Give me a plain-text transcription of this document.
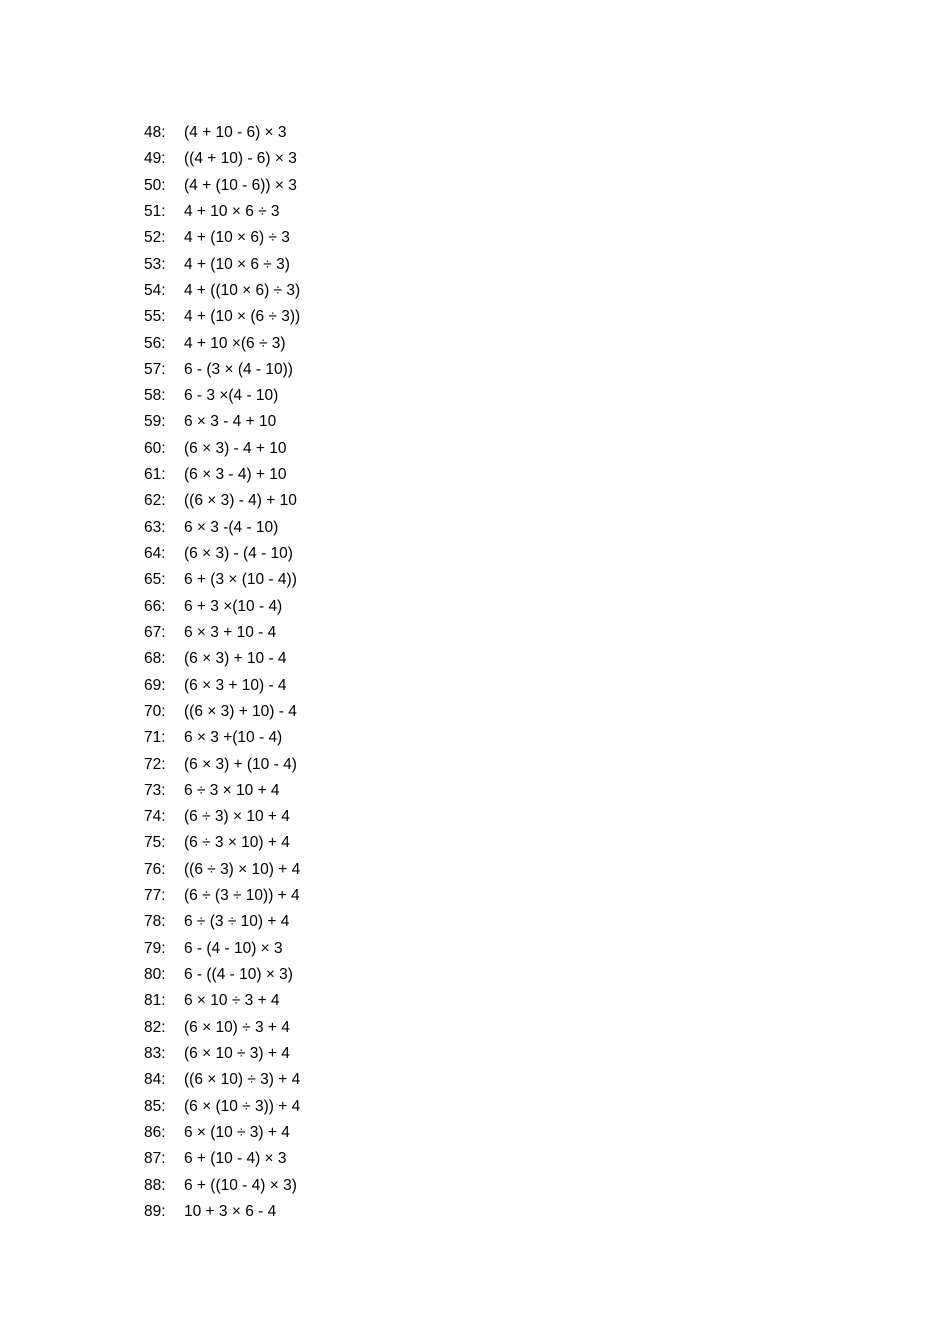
48:	(4 + 10 - 6) × 3
49:	((4 + 10) - 6) × 3
50:	(4 + (10 - 6)) × 3
51:	4 + 10 × 6 ÷ 3
52:	4 + (10 × 6) ÷ 3
53:	4 + (10 × 6 ÷ 3)
54:	4 + ((10 × 6) ÷ 3)
55:	4 + (10 × (6 ÷ 3))
56:	4 + 10 ×(6 ÷ 3)
57:	6 - (3 × (4 - 10))
58:	6 - 3 ×(4 - 10)
59:	6 × 3 - 4 + 10
60:	(6 × 3) - 4 + 10
61:	(6 × 3 - 4) + 10
62:	((6 × 3) - 4) + 10
63:	6 × 3 -(4 - 10)
64:	(6 × 3) - (4 - 10)
65:	6 + (3 × (10 - 4))
66:	6 + 3 ×(10 - 4)
67:	6 × 3 + 10 - 4
68:	(6 × 3) + 10 - 4
69:	(6 × 3 + 10) - 4
70:	((6 × 3) + 10) - 4
71:	6 × 3 +(10 - 4)
72:	(6 × 3) + (10 - 4)
73:	6 ÷ 3 × 10 + 4
74:	(6 ÷ 3) × 10 + 4
75:	(6 ÷ 3 × 10) + 4
76:	((6 ÷ 3) × 10) + 4
77:	(6 ÷ (3 ÷ 10)) + 4
78:	6 ÷ (3 ÷ 10) + 4
79:	6 - (4 - 10) × 3
80:	6 - ((4 - 10) × 3)
81:	6 × 10 ÷ 3 + 4
82:	(6 × 10) ÷ 3 + 4
83:	(6 × 10 ÷ 3) + 4
84:	((6 × 10) ÷ 3) + 4
85:	(6 × (10 ÷ 3)) + 4
86:	6 × (10 ÷ 3) + 4
87:	6 + (10 - 4) × 3
88:	6 + ((10 - 4) × 3)
89:	10 + 3 × 6 - 4
